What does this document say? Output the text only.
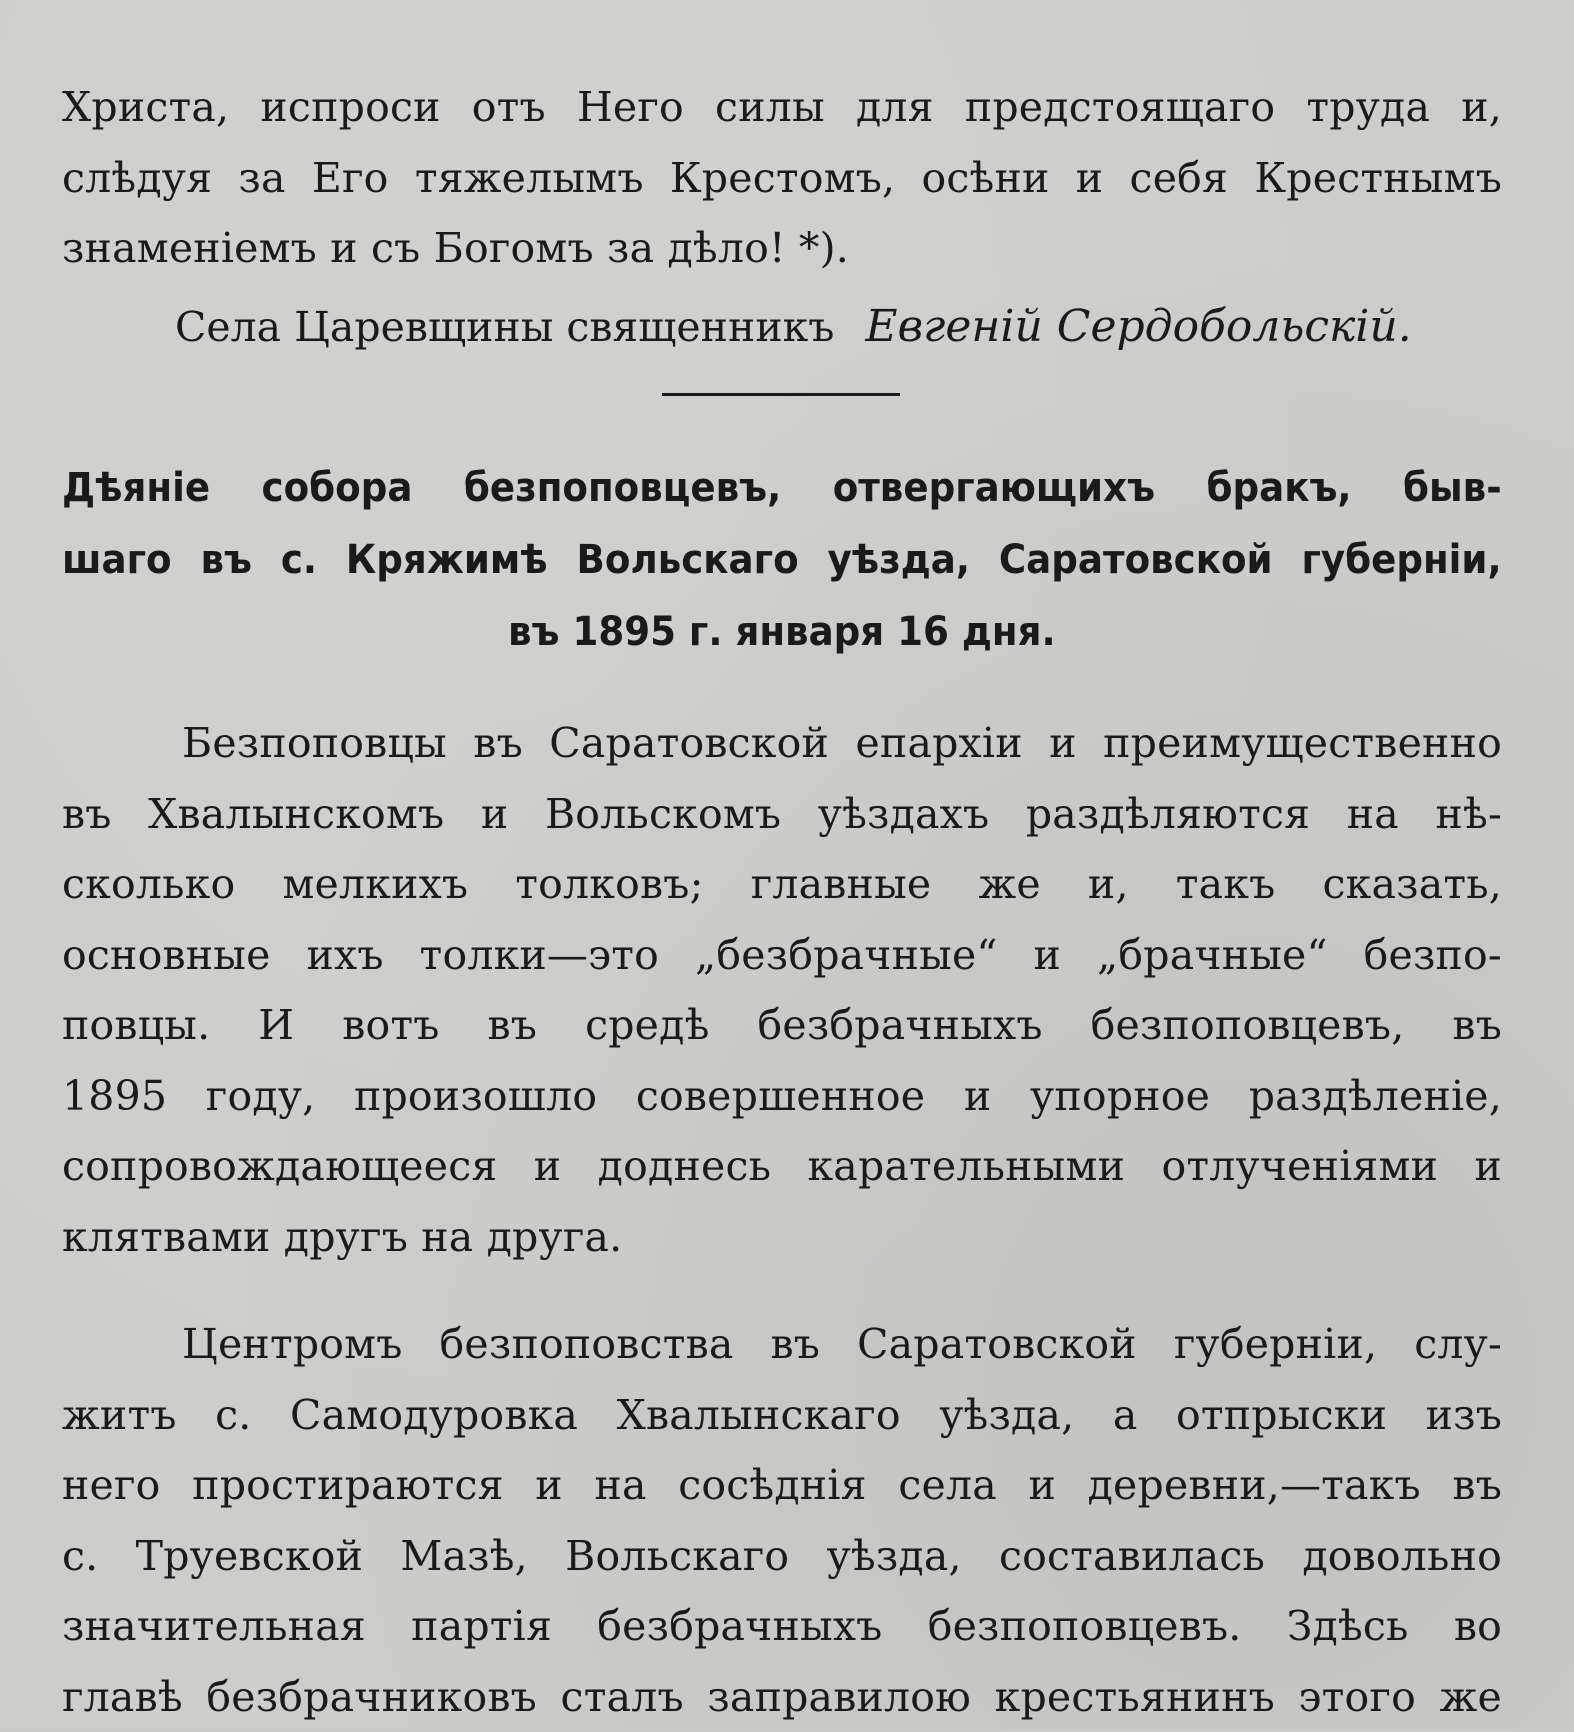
Христа, испроси отъ Него силы для предстоящаго труда и,
слѣдуя за Его тяжелымъ Крестомъ, осѣни и себя Крестнымъ
знаменіемъ и съ Богомъ за дѣло! *).
Села Царевщины священникъ Евгеній Сердобольскій.
Дѣяніе собора безпоповцевъ, отвергающихъ бракъ, быв-
шаго въ с. Кряжимѣ Вольскаго уѣзда, Саратовской губерніи,
въ 1895 г. января 16 дня.
Безпоповцы въ Саратовской епархіи и преимущественно
въ Хвалынскомъ и Вольскомъ уѣздахъ раздѣляются на нѣ-
сколько мелкихъ толковъ; главные же и, такъ сказать,
основные ихъ толки—это „безбрачные“ и „брачные“ безпо-
повцы. И вотъ въ средѣ безбрачныхъ безпоповцевъ, въ
1895 году, произошло совершенное и упорное раздѣленіе,
сопровождающееся и доднесь карательными отлученіями и
клятвами другъ на друга.
Центромъ безпоповства въ Саратовской губерніи, слу-
житъ с. Самодуровка Хвалынскаго уѣзда, а отпрыски изъ
него простираются и на сосѣднія села и деревни,—такъ въ
с. Труевской Мазѣ, Вольскаго уѣзда, составилась довольно
значительная партія безбрачныхъ безпоповцевъ. Здѣсь во
главѣ безбрачниковъ сталъ заправилою крестьянинъ этого же
